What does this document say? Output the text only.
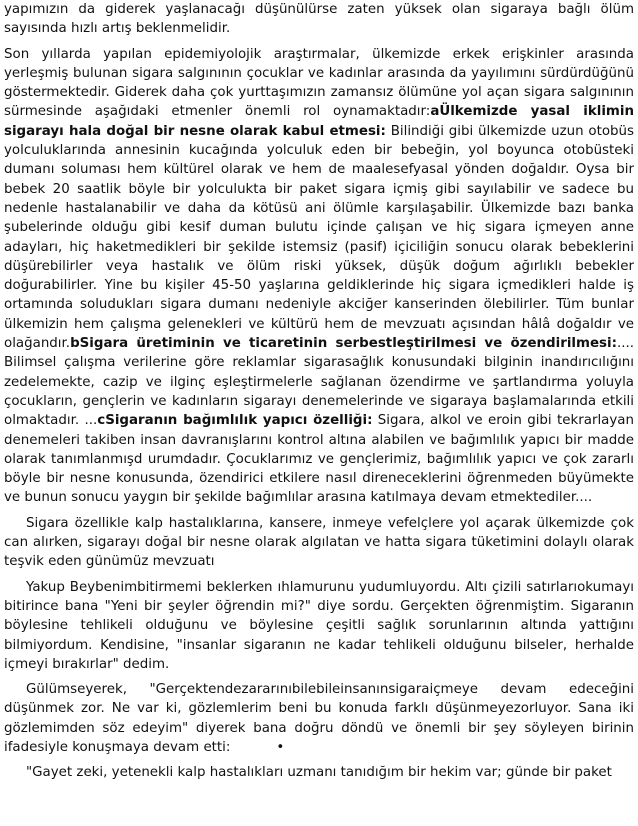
yapımızın da giderek yaşlanacağı düşünülürse zaten yüksek olan sigaraya bağlı ölüm sayısında hızlı artış beklenmelidir.

Son yıllarda yapılan epidemiyolojik araştırmalar, ülkemizde erkek erişkinler arasında yerleşmiş bulunan sigara salgınının çocuklar ve kadınlar arasında da yayılımını sürdürdüğünü göstermektedir. Giderek daha çok yurttaşımızın zamansız ölümüne yol açan sigara salgınının sürmesinde aşağıdaki etmenler önemli rol oynamaktadır:aÜlkemizde yasal iklimin sigarayı hala doğal bir nesne olarak kabul etmesi: Bilindiği gibi ülkemizde uzun otobüs yolculuklarında annesinin kucağında yolculuk eden bir bebeğin, yol boyunca otobüsteki dumanı soluması hem kültürel olarak ve hem de maalesefyasal yönden doğaldır. Oysa bir bebek 20 saatlik böyle bir yolculukta bir paket sigara içmiş gibi sayılabilir ve sadece bu nedenle hastalanabilir ve daha da kötüsü ani ölümle karşılaşabilir. Ülkemizde bazı banka şubelerinde olduğu gibi kesif duman bulutu içinde çalışan ve hiç sigara içmeyen anne adayları, hiç haketmedikleri bir şekilde istemsiz (pasif) içiciliğin sonucu olarak bebeklerini düşürebilirler veya hastalık ve ölüm riski yüksek, düşük doğum ağırlıklı bebekler doğurabilirler. Yine bu kişiler 45-50 yaşlarına geldiklerinde hiç sigara içmedikleri halde iş ortamında soludukları sigara dumanı nedeniyle akciğer kanserinden ölebilirler. Tüm bunlar ülkemizin hem çalışma gelenekleri ve kültürü hem de mevzuatı açısından hâlâ doğaldır ve olağandır.bSigara üretiminin ve ticaretinin serbestleştirilmesi ve özendirilmesi:.... Bilimsel çalışma verilerine göre reklamlar sigarasağlık konusundaki bilginin inandırıcılığını zedelemekte, cazip ve ilginç eşleştirmelerle sağlanan özendirme ve şartlandırma yoluyla çocukların, gençlerin ve kadınların sigarayı denemelerinde ve sigaraya başlamalarında etkili olmaktadır. ...cSigaranın bağımlılık yapıcı özelliği: Sigara, alkol ve eroin gibi tekrarlayan denemeleri takiben insan davranışlarını kontrol altına alabilen ve bağımlılık yapıcı bir madde olarak tanımlanmışd urumdadır. Çocuklarımız ve gençlerimiz, bağımlılık yapıcı ve çok zararlı böyle bir nesne konusunda, özendirici etkilere nasıl direneceklerini öğrenmeden büyümekte ve bunun sonucu yaygın bir şekilde bağımlılar arasına katılmaya devam etmektediler....

Sigara özellikle kalp hastalıklarına, kansere, inmeye vefelçlere yol açarak ülkemizde çok can alırken, sigarayı doğal bir nesne olarak algılatan ve hatta sigara tüketimini dolaylı olarak teşvik eden günümüz mevzuatı

Yakup Beybenimbitirmemi beklerken ıhlamurunu yudumluyordu. Altı çizili satırlarıokumayı bitirince bana "Yeni bir şeyler öğrendin mi?" diye sordu. Gerçekten öğrenmiştim. Sigaranın böylesine tehlikeli olduğunu ve böylesine çeşitli sağlık sorunlarının altında yattığını bilmiyordum. Kendisine, "insanlar sigaranın ne kadar tehlikeli olduğunu bilseler, herhalde içmeyi bırakırlar" dedim.

Gülümseyerek, "Gerçektendezararınıbilebileinsanınsigaraiçmeye devam edeceğini düşünmek zor. Ne var ki, gözlemlerim beni bu konuda farklı düşünmeyezorluyor. Sana iki gözlemimden söz edeyim" diyerek bana doğru döndü ve önemli bir şey söyleyen birinin ifadesiyle konuşmaya devam etti:	•

"Gayet zeki, yetenekli kalp hastalıkları uzmanı tanıdığım bir hekim var; günde bir paket
